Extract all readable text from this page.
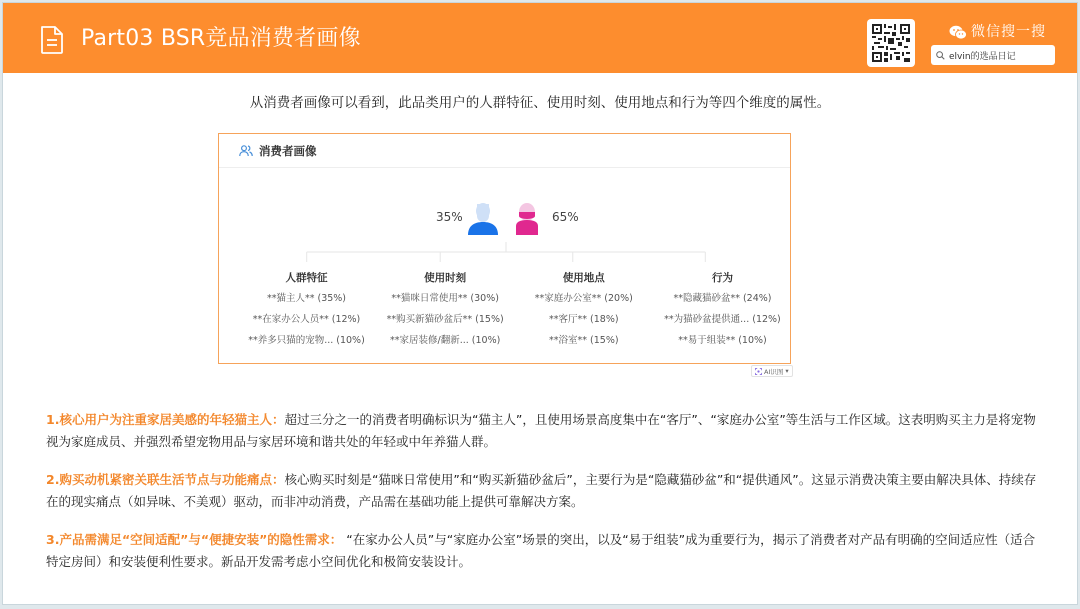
Part03 BSR竞品消费者画像	微信搜一搜
elvin的选品日记
从消费者画像可以看到，此品类用户的人群特征、使用时刻、使用地点和行为等四个维度的属性。
消费者画像
35%	65%
人群特征
**猫主人** (35%)
**在家办公人员** (12%)
**养多只猫的宠物... (10%)
使用时刻
**猫咪日常使用** (30%)
**购买新猫砂盆后** (15%)
**家居装修/翻新... (10%)
使用地点
**家庭办公室** (20%)
**客厅** (18%)
**浴室** (15%)
行为
**隐藏猫砂盆** (24%)
**为猫砂盆提供通... (12%)
**易于组装** (10%)
AI识图 ▾

1.核心用户为注重家居美感的年轻猫主人：超过三分之一的消费者明确标识为“猫主人”，且使用场景高度集中在“客厅”、“家庭办公室”等生活与工作区域。这表明购买主力是将宠物视为家庭成员、并强烈希望宠物用品与家居环境和谐共处的年轻或中年养猫人群。

2.购买动机紧密关联生活节点与功能痛点：核心购买时刻是“猫咪日常使用”和“购买新猫砂盆后”，主要行为是“隐藏猫砂盆”和“提供通风”。这显示消费决策主要由解决具体、持续存在的现实痛点（如异味、不美观）驱动，而非冲动消费，产品需在基础功能上提供可靠解决方案。

3.产品需满足“空间适配”与“便捷安装”的隐性需求： “在家办公人员”与“家庭办公室”场景的突出，以及“易于组装”成为重要行为，揭示了消费者对产品有明确的空间适应性（适合特定房间）和安装便利性要求。新品开发需考虑小空间优化和极简安装设计。
